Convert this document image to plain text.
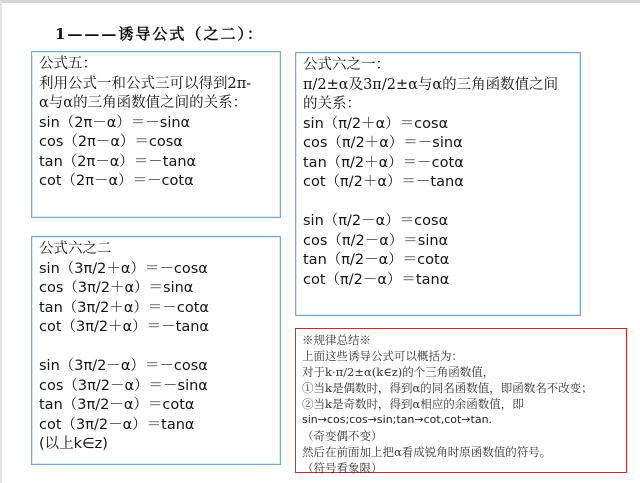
1———诱导公式（之二）：
公式五：
利用公式一和公式三可以得到2π-
α与α的三角函数值之间的关系：
sin（2π－α）＝－sinα
cos（2π－α）＝cosα
tan（2π－α）＝－tanα
cot（2π－α）＝－cotα
公式六之二
sin（3π/2＋α）＝－cosα
cos（3π/2＋α）＝sinα
tan（3π/2＋α）＝－cotα
cot（3π/2＋α）＝－tanα
sin（3π/2－α）＝－cosα
cos（3π/2－α）＝－sinα
tan（3π/2－α）＝cotα
cot（3π/2－α）＝tanα
(以上k∈z)
公式六之一：
π/2±α及3π/2±α与α的三角函数值之间
的关系：
sin（π/2＋α）＝cosα
cos（π/2＋α）＝－sinα
tan（π/2＋α）＝－cotα
cot（π/2＋α）＝－tanα
sin（π/2－α）＝cosα
cos（π/2－α）＝sinα
tan（π/2－α）＝cotα
cot（π/2－α）＝tanα
※规律总结※
上面这些诱导公式可以概括为：
对于k·π/2±α(k∈z)的个三角函数值，
①当k是偶数时，得到α的同名函数值，即函数名不改变；
②当k是奇数时，得到α相应的余函数值，即
sin→cos;cos→sin;tan→cot,cot→tan.
（奇变偶不变）
然后在前面加上把α看成锐角时原函数值的符号。
（符号看象限）
